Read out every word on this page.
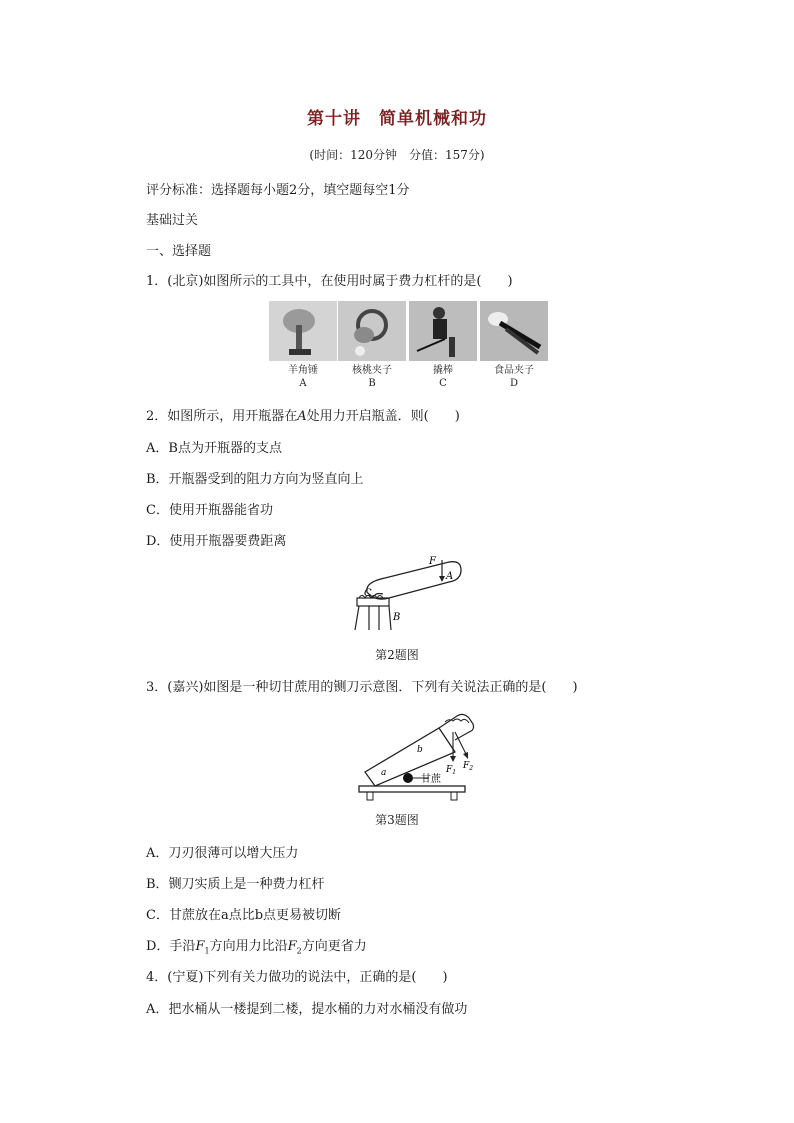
第十讲　简单机械和功
(时间：120分钟　分值：157分)
评分标准：选择题每小题2分，填空题每空1分
基础过关
一、选择题
1．(北京)如图所示的工具中，在使用时属于费力杠杆的是(　　)
羊角锤
A
核桃夹子
B
撬棒
C
食品夹子
D
2．如图所示，用开瓶器在A处用力开启瓶盖．则(　　)
A．B点为开瓶器的支点
B．开瓶器受到的阻力方向为竖直向上
C．使用开瓶器能省功
D．使用开瓶器要费距离
F
A
C
B
第2题图
3．(嘉兴)如图是一种切甘蔗用的铡刀示意图．下列有关说法正确的是(　　)
a
b
$F_1$
$F_2$
甘蔗
第3题图
A．刀刃很薄可以增大压力
B．铡刀实质上是一种费力杠杆
C．甘蔗放在a点比b点更易被切断
D．手沿$F_1$方向用力比沿$F_2$方向更省力
4．(宁夏)下列有关力做功的说法中，正确的是(　　)
A．把水桶从一楼提到二楼，提水桶的力对水桶没有做功
